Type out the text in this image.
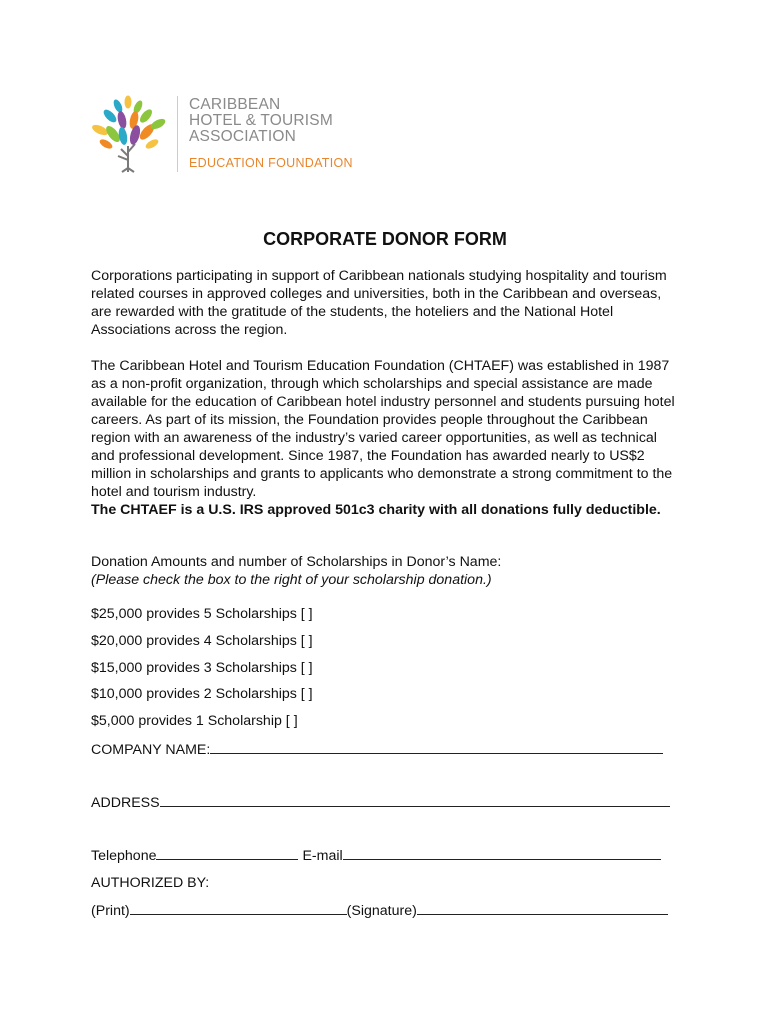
CARIBBEAN
HOTEL & TOURISM
ASSOCIATION
EDUCATION FOUNDATION
CORPORATE DONOR FORM

Corporations participating in support of Caribbean nationals studying hospitality and tourism related courses in approved colleges and universities, both in the Caribbean and overseas, are rewarded with the gratitude of the students, the hoteliers and the National Hotel Associations across the region.

The Caribbean Hotel and Tourism Education Foundation (CHTAEF) was established in 1987 as a non-profit organization, through which scholarships and special assistance are made available for the education of Caribbean hotel industry personnel and students pursuing hotel careers. As part of its mission, the Foundation provides people throughout the Caribbean region with an awareness of the industry’s varied career opportunities, as well as technical and professional development. Since 1987, the Foundation has awarded nearly to US$2 million in scholarships and grants to applicants who demonstrate a strong commitment to the hotel and tourism industry.
The CHTAEF is a U.S. IRS approved 501c3 charity with all donations fully deductible.
Donation Amounts and number of Scholarships in Donor’s Name:
(Please check the box to the right of your scholarship donation.)
$25,000 provides 5 Scholarships [ ]
$20,000 provides 4 Scholarships [ ]
$15,000 provides 3 Scholarships [ ]
$10,000 provides 2 Scholarships [ ]
$5,000 provides 1 Scholarship [ ]
COMPANY NAME:
ADDRESS
Telephone	E-mail
AUTHORIZED BY:
(Print)	(Signature)
